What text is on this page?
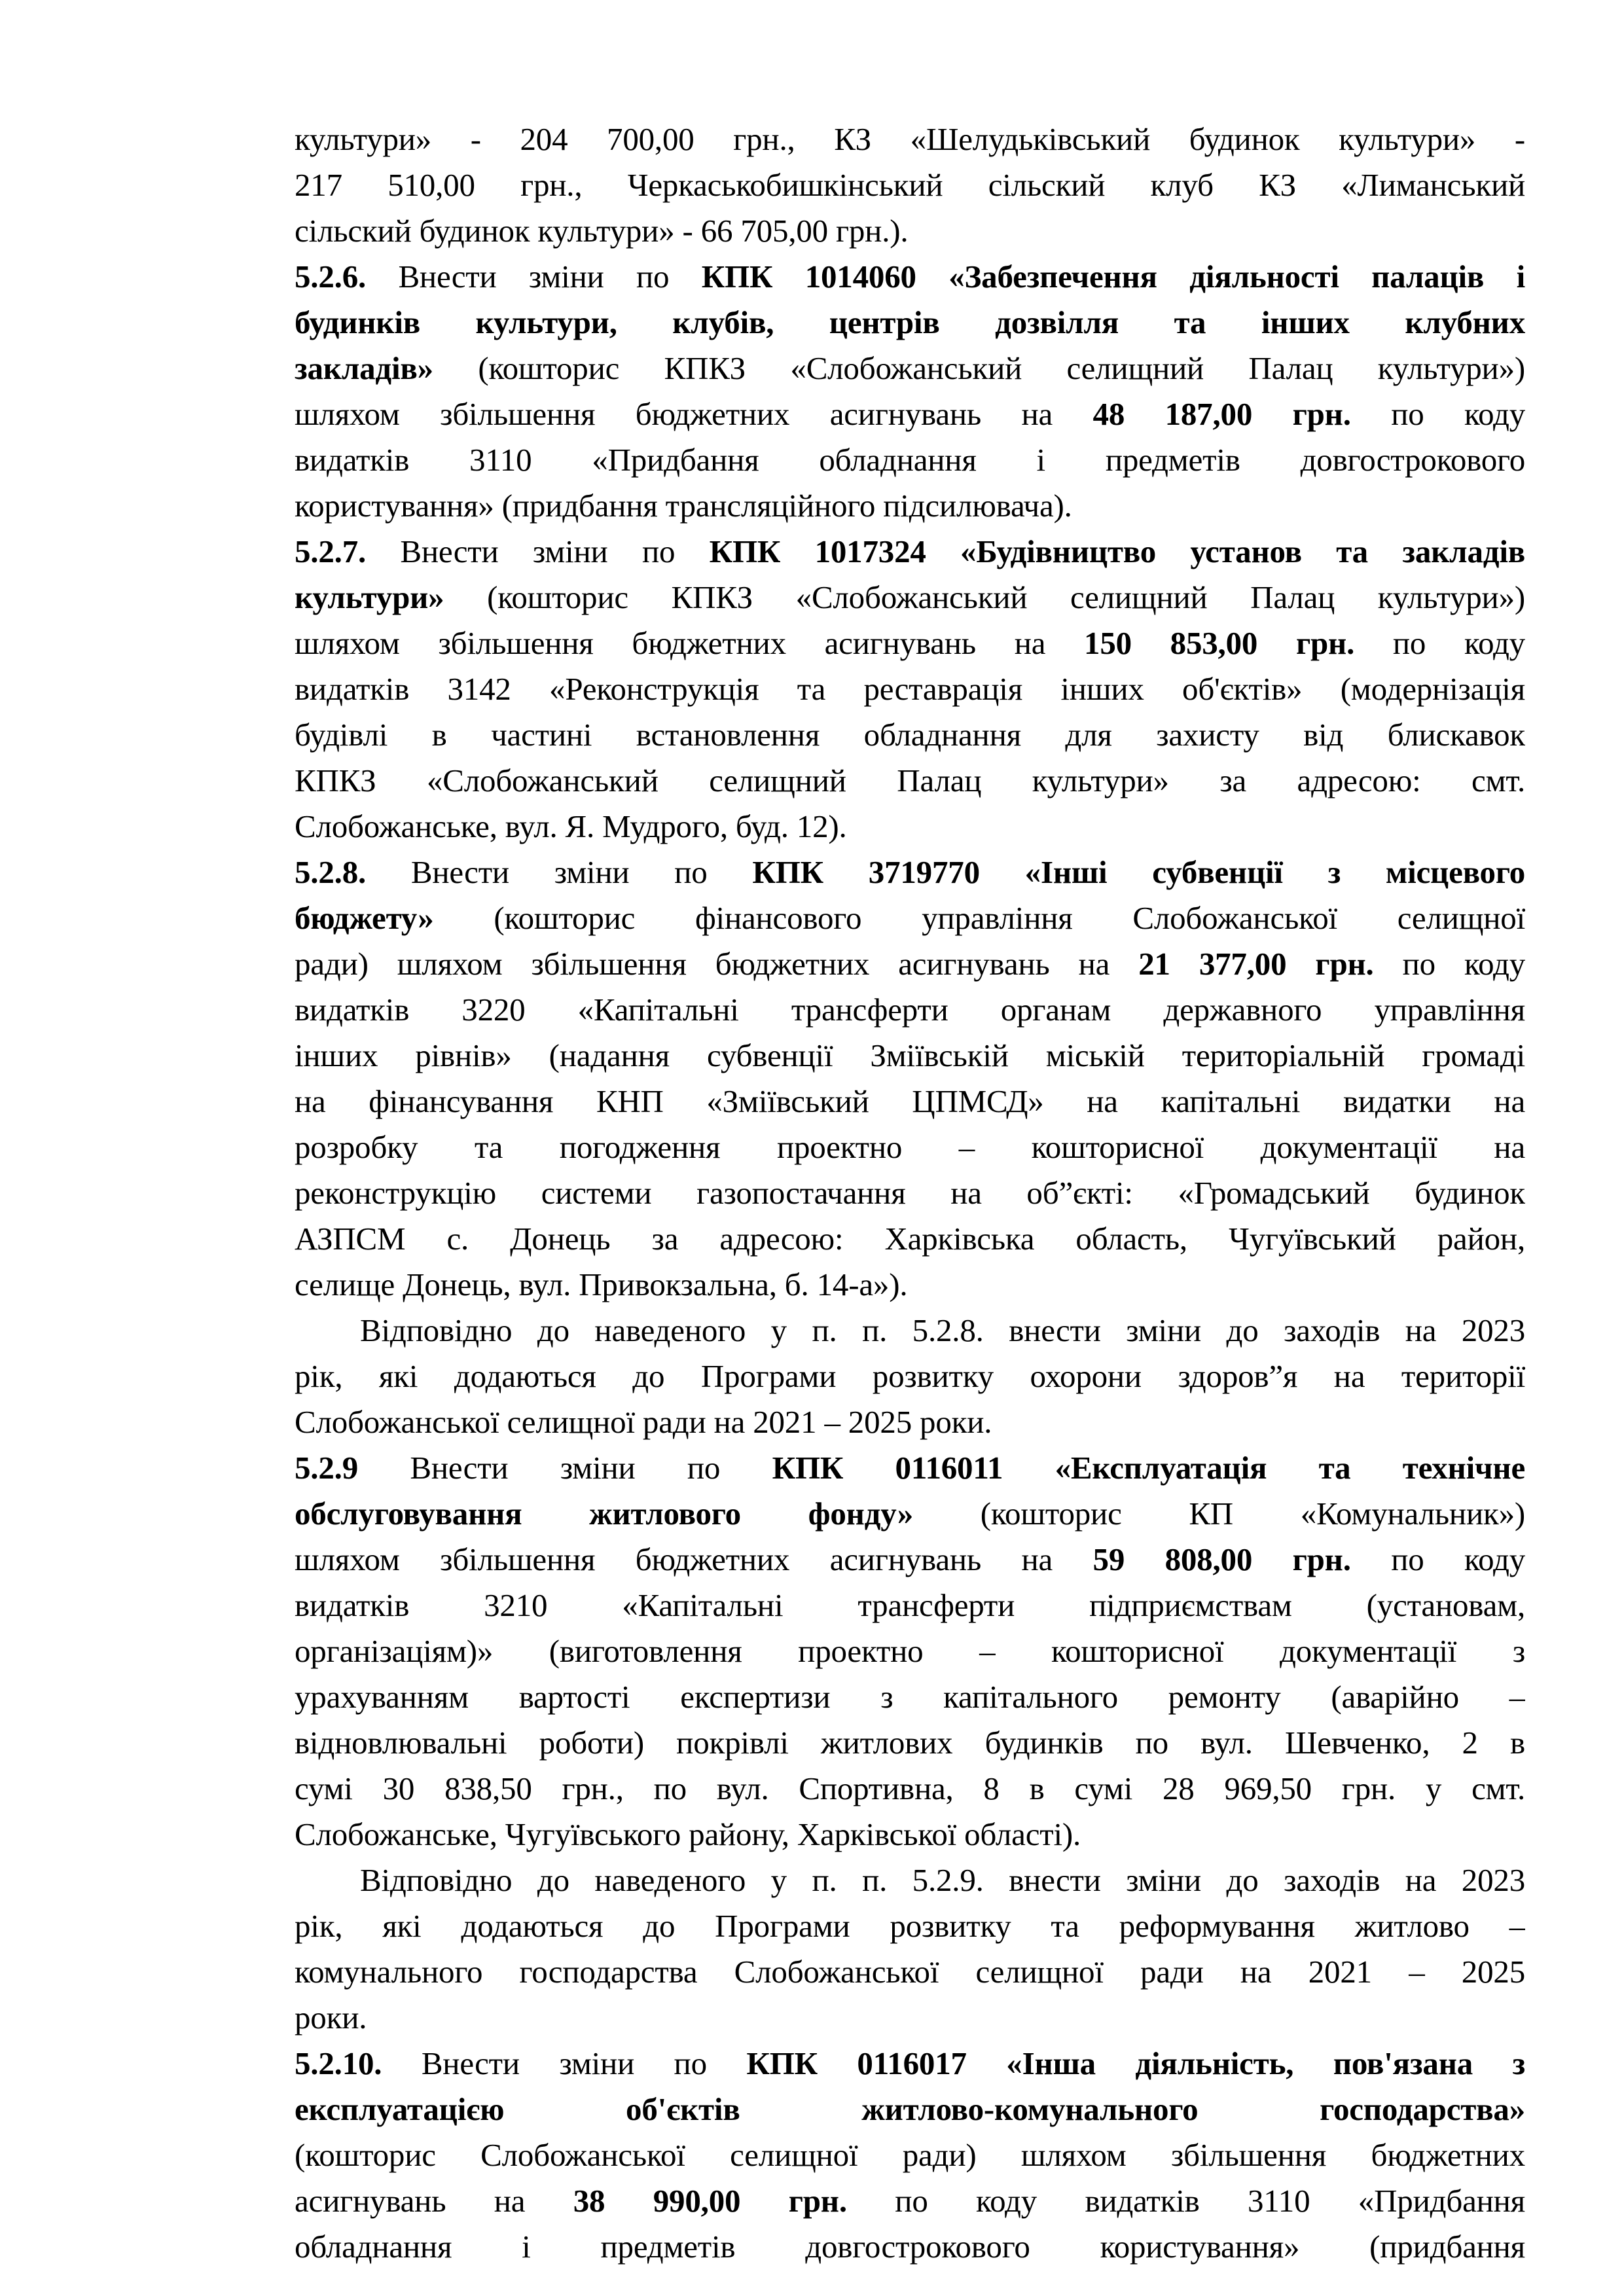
культури» - 204 700,00 грн., КЗ «Шелудьківський будинок культури» -
217 510,00 грн., Черкаськобишкінський сільский клуб КЗ «Лиманський
сільский будинок культури» - 66 705,00 грн.).
5.2.6. Внести зміни по КПК 1014060 «Забезпечення діяльності палаців і
будинків культури, клубів, центрів дозвілля та інших клубних
закладів» (кошторис КПКЗ «Слобожанський селищний Палац культури»)
шляхом збільшення бюджетних асигнувань на 48 187,00 грн. по коду
видатків 3110 «Придбання обладнання і предметів довгострокового
користування» (придбання трансляційного підсилювача).
5.2.7. Внести зміни по КПК 1017324 «Будівництво установ та закладів
культури» (кошторис КПКЗ «Слобожанський селищний Палац культури»)
шляхом збільшення бюджетних асигнувань на 150 853,00 грн. по коду
видатків 3142 «Реконструкція та реставрація інших об'єктів» (модернізація
будівлі в частині встановлення обладнання для захисту від блискавок
КПКЗ «Слобожанський селищний Палац культури» за адресою: смт.
Слобожанське, вул. Я. Мудрого, буд. 12).
5.2.8. Внести зміни по КПК 3719770 «Інші субвенції з місцевого
бюджету» (кошторис фінансового управління Слобожанської селищної
ради) шляхом збільшення бюджетних асигнувань на 21 377,00 грн. по коду
видатків 3220 «Капітальні трансферти органам державного управління
інших рівнів» (надання субвенції Зміївській міській територіальній громаді
на фінансування КНП «Зміївський ЦПМСД» на капітальні видатки на
розробку та погодження проектно – кошторисної документації на
реконструкцію системи газопостачання на об”єкті: «Громадський будинок
АЗПСМ с. Донець за адресою: Харківська область, Чугуївський район,
селище Донець, вул. Привокзальна, б. 14-а»).
Відповідно до наведеного у п. п. 5.2.8. внести зміни до заходів на 2023
рік, які додаються до Програми розвитку охорони здоров”я на території
Слобожанської селищної ради на 2021 – 2025 роки.
5.2.9 Внести зміни по КПК 0116011 «Експлуатація та технічне
обслуговування житлового фонду» (кошторис КП «Комунальник»)
шляхом збільшення бюджетних асигнувань на 59 808,00 грн. по коду
видатків 3210 «Капітальні трансферти підприємствам (установам,
організаціям)» (виготовлення проектно – кошторисної документації з
урахуванням вартості експертизи з капітального ремонту (аварійно –
відновлювальні роботи) покрівлі житлових будинків по вул. Шевченко, 2 в
сумі 30 838,50 грн., по вул. Спортивна, 8 в сумі 28 969,50 грн. у смт.
Слобожанське, Чугуївського району, Харківської області).
Відповідно до наведеного у п. п. 5.2.9. внести зміни до заходів на 2023
рік, які додаються до Програми розвитку та реформування житлово –
комунального господарства Слобожанської селищної ради на 2021 – 2025
роки.
5.2.10. Внести зміни по КПК 0116017 «Інша діяльність, пов'язана з
експлуатацією об'єктів житлово-комунального господарства»
(кошторис Слобожанської селищної ради) шляхом збільшення бюджетних
асигнувань на 38 990,00 грн. по коду видатків 3110 «Придбання
обладнання і предметів довгострокового користування» (придбання
